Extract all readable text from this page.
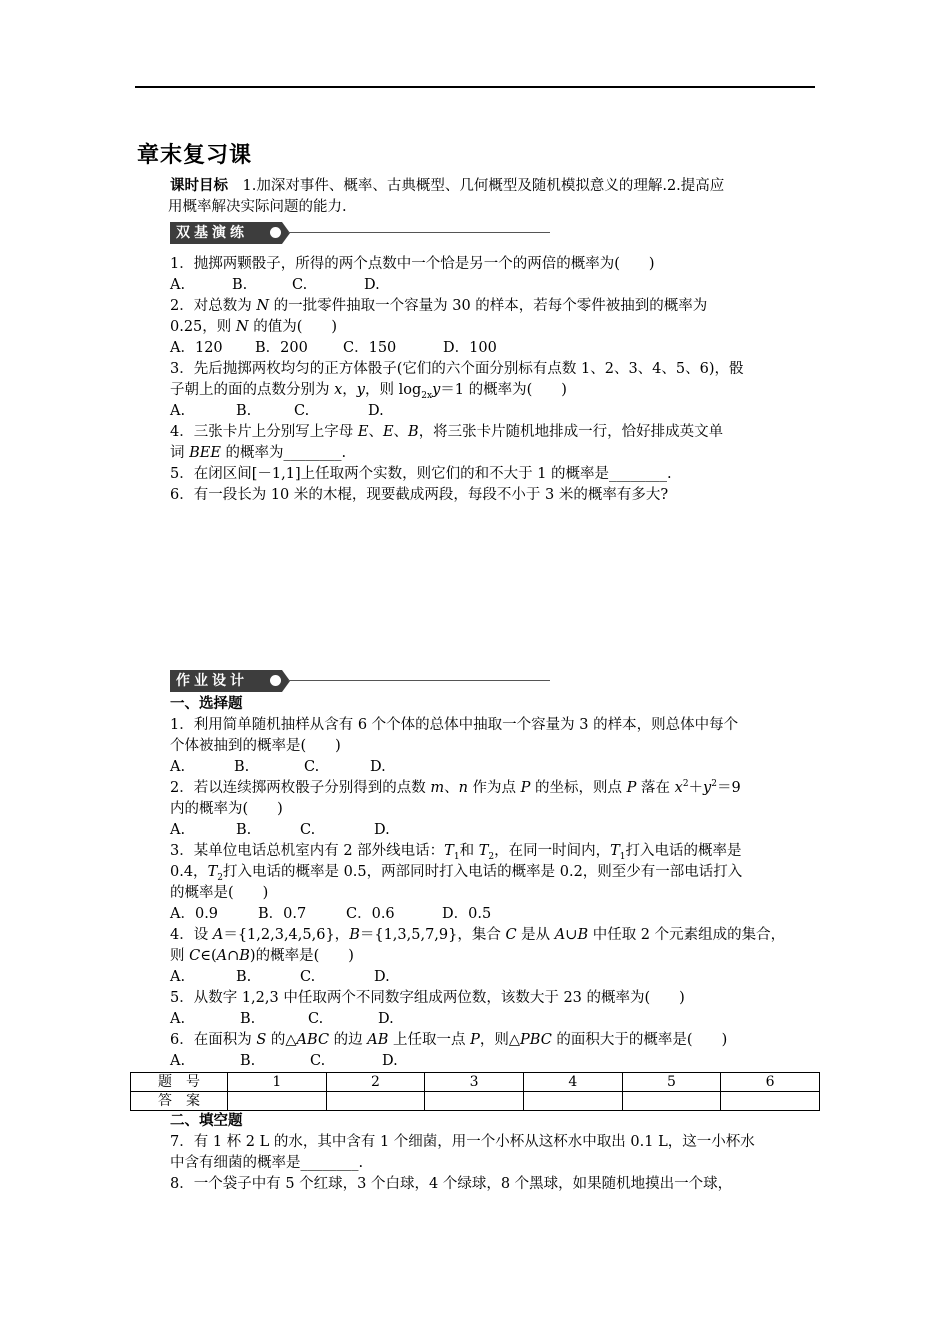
章末复习课
课时目标　 1.加深对事件、概率、古典概型、几何概型及随机模拟意义的理解.2.提高应
用概率解决实际问题的能力.
双基演练
1．抛掷两颗骰子，所得的两个点数中一个恰是另一个的两倍的概率为(　　)
A.	B.	C.	D.
2．对总数为 N 的一批零件抽取一个容量为 30 的样本，若每个零件被抽到的概率为
0.25，则 N 的值为(　　)
A．120 B．200 C．150	D．100
3．先后抛掷两枚均匀的正方体骰子(它们的六个面分别标有点数 1、2、3、4、5、6)，骰
子朝上的面的点数分别为 x，y，则 $\log_{2x}y=1$ 的概率为(　　)
A.	B.	C.	D.
4．三张卡片上分别写上字母 E、E、B，将三张卡片随机地排成一行，恰好排成英文单
词 BEE 的概率为________.
5．在闭区间[－1,1]上任取两个实数，则它们的和不大于 1 的概率是________.
6．有一段长为 10 米的木棍，现要截成两段，每段不小于 3 米的概率有多大?
作业设计
一、选择题
1．利用简单随机抽样从含有 6 个个体的总体中抽取一个容量为 3 的样本，则总体中每个
个体被抽到的概率是(　　)
A.	B.	C.	D.
2．若以连续掷两枚骰子分别得到的点数 m、n 作为点 P 的坐标，则点 P 落在 $x^2+y^2=9$
内的概率为(　　)
A.	B.	C.	D.
3．某单位电话总机室内有 2 部外线电话：$T_1$和 $T_2$，在同一时间内，$T_1$打入电话的概率是
0.4，$T_2$打入电话的概率是 0.5，两部同时打入电话的概率是 0.2，则至少有一部电话打入
的概率是(　　)
A．0.9	B．0.7	C．0.6	D．0.5
4．设 A＝{1,2,3,4,5,6}，B＝{1,3,5,7,9}，集合 C 是从 A∪B 中任取 2 个元素组成的集合，
则 C∈(A∩B)的概率是(　　)
A.	B.	C.	D.
5．从数字 1,2,3 中任取两个不同数字组成两位数，该数大于 23 的概率为(　　)
A.	B.	C.	D.
6．在面积为 S 的△ABC 的边 AB 上任取一点 P，则△PBC 的面积大于的概率是(　　)
A.	B.	C.	D.
题　号	1	2	3	4	5	6
答　案						
二、填空题
7．有 1 杯 2 L 的水，其中含有 1 个细菌，用一个小杯从这杯水中取出 0.1 L，这一小杯水
中含有细菌的概率是________.
8．一个袋子中有 5 个红球，3 个白球，4 个绿球，8 个黑球，如果随机地摸出一个球，
